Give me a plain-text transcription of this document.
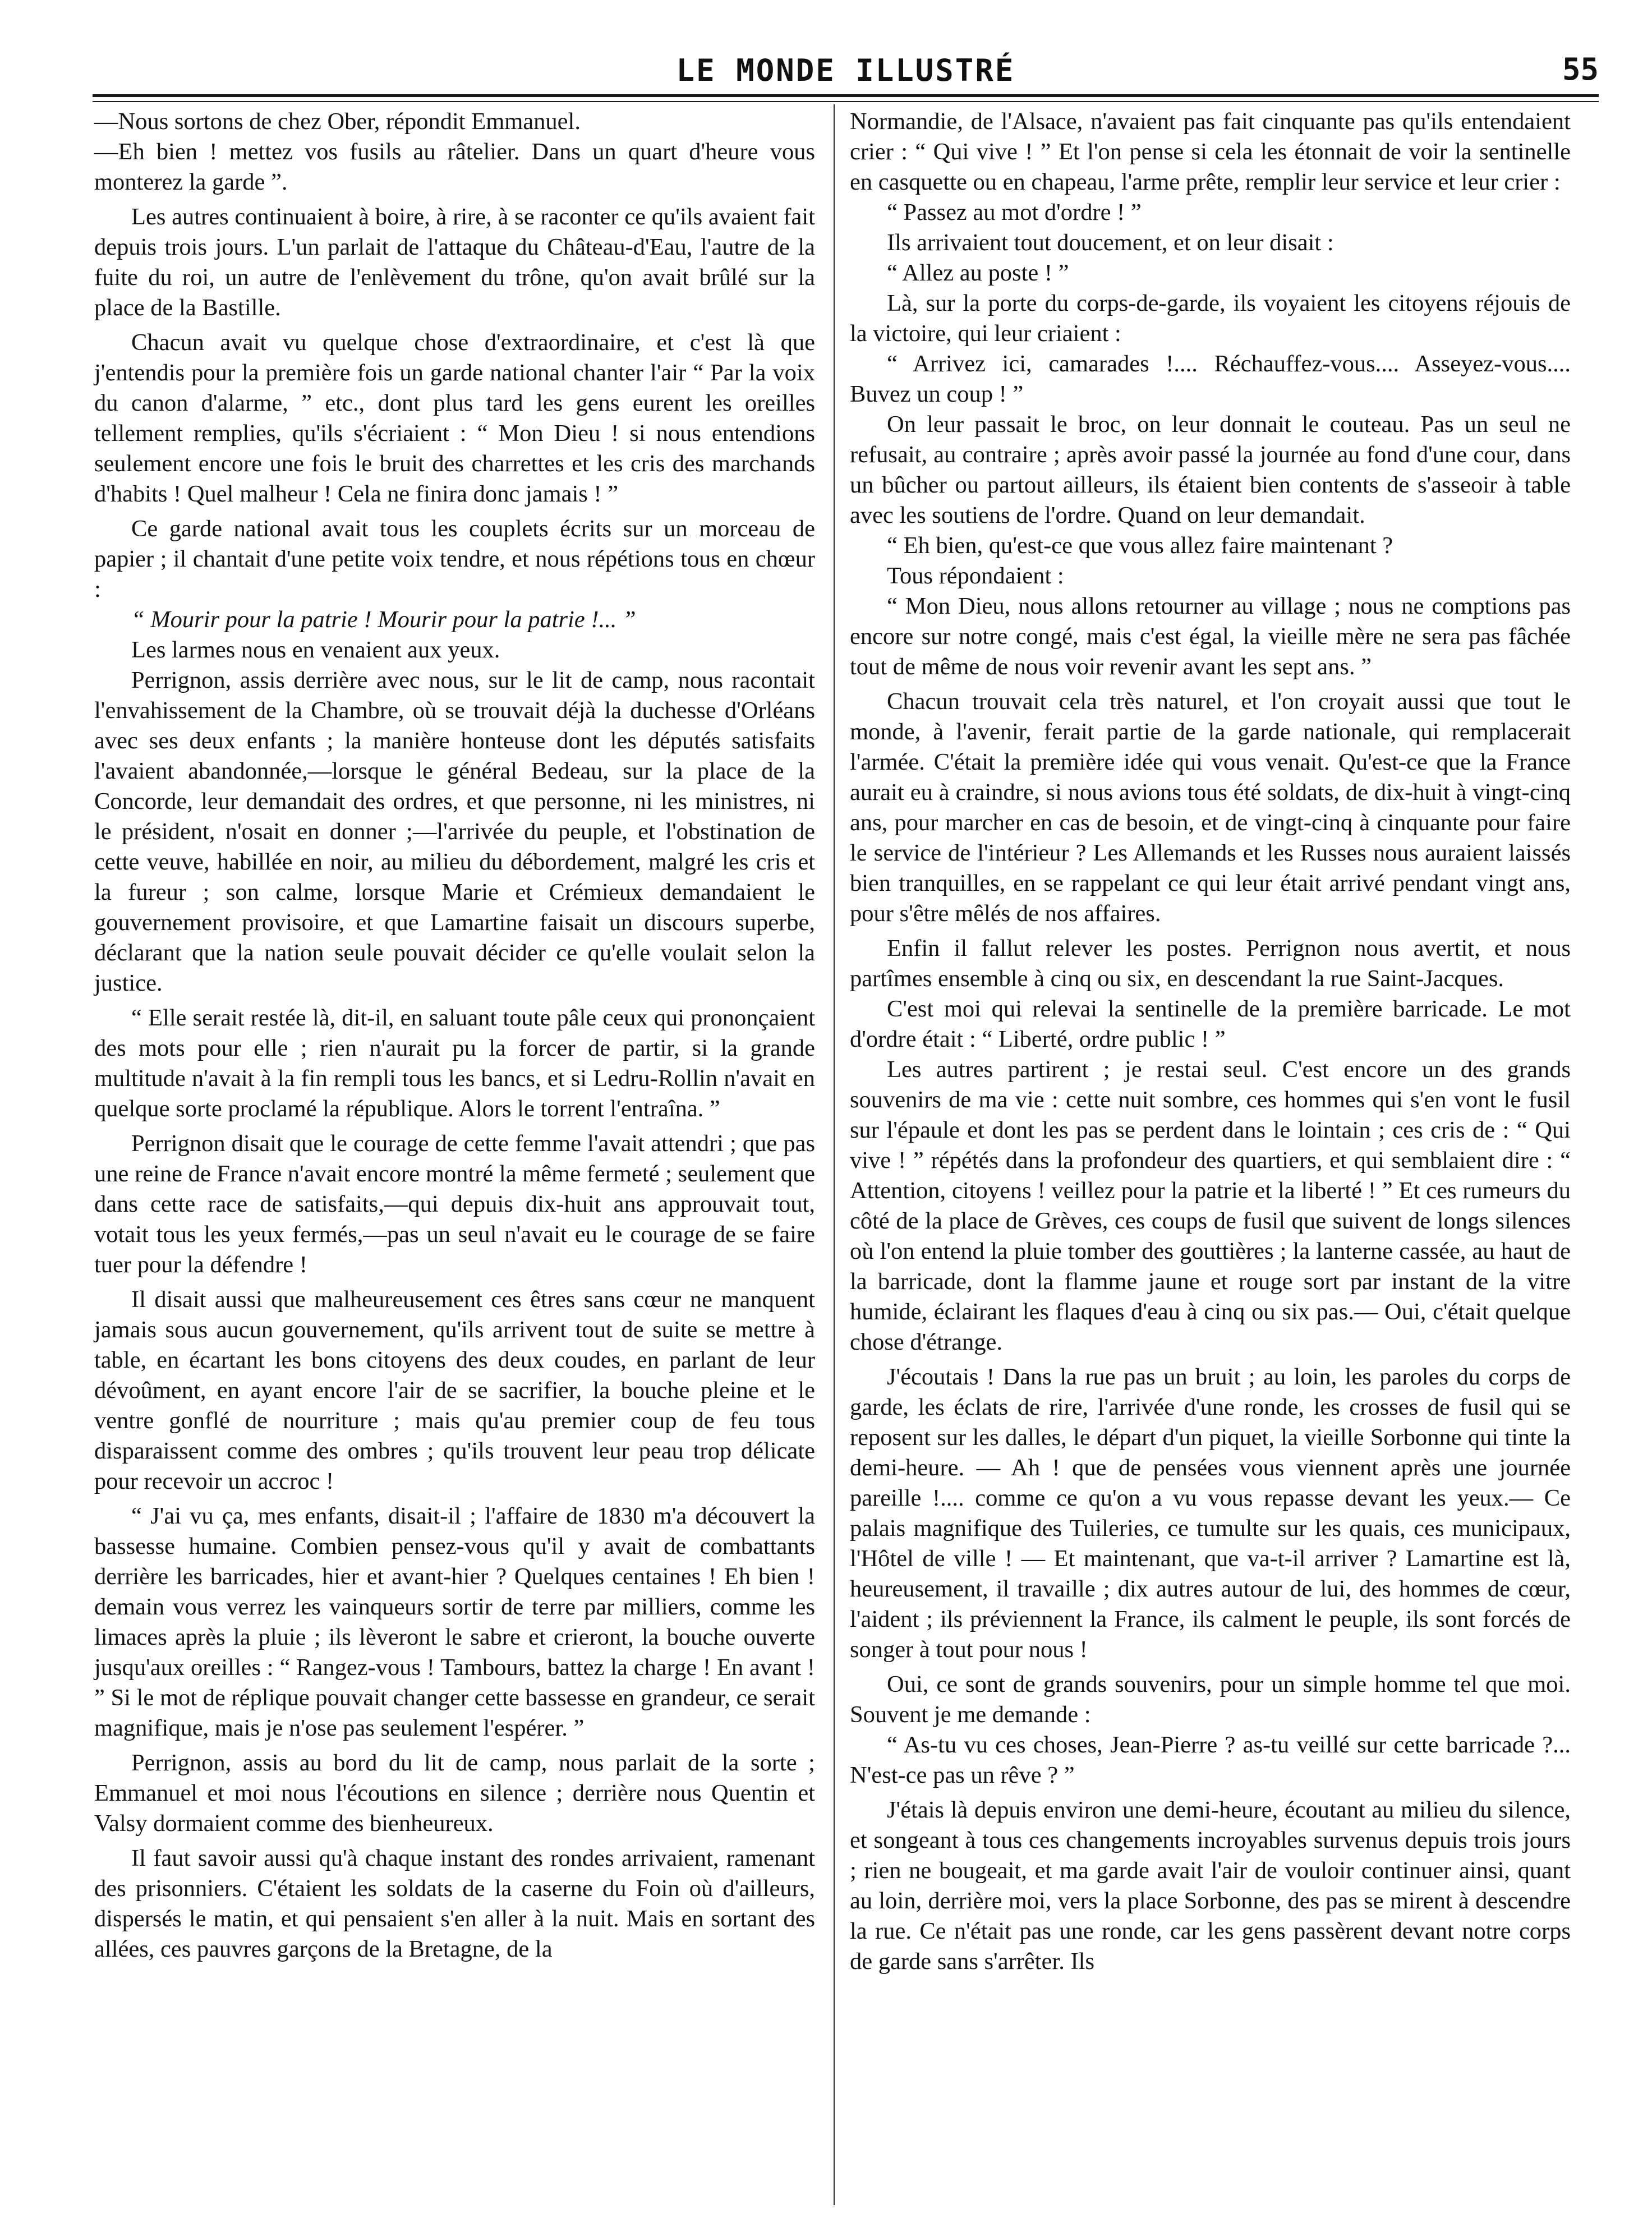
LE MONDE ILLUSTRÉ	55

—Nous sortons de chez Ober, répondit Emmanuel.

—Eh bien ! mettez vos fusils au râtelier. Dans un quart d'heure vous monterez la garde ”.

Les autres continuaient à boire, à rire, à se raconter ce qu'ils avaient fait depuis trois jours. L'un parlait de l'attaque du Château-d'Eau, l'autre de la fuite du roi, un autre de l'enlèvement du trône, qu'on avait brûlé sur la place de la Bastille.

Chacun avait vu quelque chose d'extraordinaire, et c'est là que j'entendis pour la première fois un garde national chanter l'air “ Par la voix du canon d'alarme, ” etc., dont plus tard les gens eurent les oreilles tellement remplies, qu'ils s'écriaient : “ Mon Dieu ! si nous entendions seulement encore une fois le bruit des charrettes et les cris des marchands d'habits ! Quel malheur ! Cela ne finira donc jamais ! ”

Ce garde national avait tous les couplets écrits sur un morceau de papier ; il chantait d'une petite voix tendre, et nous répétions tous en chœur :

“ Mourir pour la patrie ! Mourir pour la patrie !... ”

Les larmes nous en venaient aux yeux.

Perrignon, assis derrière avec nous, sur le lit de camp, nous racontait l'envahissement de la Chambre, où se trouvait déjà la duchesse d'Orléans avec ses deux enfants ; la manière honteuse dont les députés satisfaits l'avaient abandonnée,—lorsque le général Bedeau, sur la place de la Concorde, leur demandait des ordres, et que personne, ni les ministres, ni le président, n'osait en donner ;—l'arrivée du peuple, et l'obstination de cette veuve, habillée en noir, au milieu du débordement, malgré les cris et la fureur ; son calme, lorsque Marie et Crémieux demandaient le gouvernement provisoire, et que Lamartine faisait un discours superbe, déclarant que la nation seule pouvait décider ce qu'elle voulait selon la justice.

“ Elle serait restée là, dit-il, en saluant toute pâle ceux qui prononçaient des mots pour elle ; rien n'aurait pu la forcer de partir, si la grande multitude n'avait à la fin rempli tous les bancs, et si Ledru-Rollin n'avait en quelque sorte proclamé la république. Alors le torrent l'entraîna. ”

Perrignon disait que le courage de cette femme l'avait attendri ; que pas une reine de France n'avait encore montré la même fermeté ; seulement que dans cette race de satisfaits,—qui depuis dix-huit ans approuvait tout, votait tous les yeux fermés,—pas un seul n'avait eu le courage de se faire tuer pour la défendre !

Il disait aussi que malheureusement ces êtres sans cœur ne manquent jamais sous aucun gouvernement, qu'ils arrivent tout de suite se mettre à table, en écartant les bons citoyens des deux coudes, en parlant de leur dévoûment, en ayant encore l'air de se sacrifier, la bouche pleine et le ventre gonflé de nourriture ; mais qu'au premier coup de feu tous disparaissent comme des ombres ; qu'ils trouvent leur peau trop délicate pour recevoir un accroc !

“ J'ai vu ça, mes enfants, disait-il ; l'affaire de 1830 m'a découvert la bassesse humaine. Combien pensez-vous qu'il y avait de combattants derrière les barricades, hier et avant-hier ? Quelques centaines ! Eh bien ! demain vous verrez les vainqueurs sortir de terre par milliers, comme les limaces après la pluie ; ils lèveront le sabre et crieront, la bouche ouverte jusqu'aux oreilles : “ Rangez-vous ! Tambours, battez la charge ! En avant ! ” Si le mot de réplique pouvait changer cette bassesse en grandeur, ce serait magnifique, mais je n'ose pas seulement l'espérer. ”

Perrignon, assis au bord du lit de camp, nous parlait de la sorte ; Emmanuel et moi nous l'écoutions en silence ; derrière nous Quentin et Valsy dormaient comme des bienheureux.

Il faut savoir aussi qu'à chaque instant des rondes arrivaient, ramenant des prisonniers. C'étaient les soldats de la caserne du Foin où d'ailleurs, dispersés le matin, et qui pensaient s'en aller à la nuit. Mais en sortant des allées, ces pauvres garçons de la Bretagne, de la

Normandie, de l'Alsace, n'avaient pas fait cinquante pas qu'ils entendaient crier : “ Qui vive ! ” Et l'on pense si cela les étonnait de voir la sentinelle en casquette ou en chapeau, l'arme prête, remplir leur service et leur crier :

“ Passez au mot d'ordre ! ”

Ils arrivaient tout doucement, et on leur disait :

“ Allez au poste ! ”

Là, sur la porte du corps-de-garde, ils voyaient les citoyens réjouis de la victoire, qui leur criaient :

“ Arrivez ici, camarades !.... Réchauffez-vous.... Asseyez-vous.... Buvez un coup ! ”

On leur passait le broc, on leur donnait le couteau. Pas un seul ne refusait, au contraire ; après avoir passé la journée au fond d'une cour, dans un bûcher ou partout ailleurs, ils étaient bien contents de s'asseoir à table avec les soutiens de l'ordre. Quand on leur demandait.

“ Eh bien, qu'est-ce que vous allez faire maintenant ?

Tous répondaient :

“ Mon Dieu, nous allons retourner au village ; nous ne comptions pas encore sur notre congé, mais c'est égal, la vieille mère ne sera pas fâchée tout de même de nous voir revenir avant les sept ans. ”

Chacun trouvait cela très naturel, et l'on croyait aussi que tout le monde, à l'avenir, ferait partie de la garde nationale, qui remplacerait l'armée. C'était la première idée qui vous venait. Qu'est-ce que la France aurait eu à craindre, si nous avions tous été soldats, de dix-huit à vingt-cinq ans, pour marcher en cas de besoin, et de vingt-cinq à cinquante pour faire le service de l'intérieur ? Les Allemands et les Russes nous auraient laissés bien tranquilles, en se rappelant ce qui leur était arrivé pendant vingt ans, pour s'être mêlés de nos affaires.

Enfin il fallut relever les postes. Perrignon nous avertit, et nous partîmes ensemble à cinq ou six, en descendant la rue Saint-Jacques.

C'est moi qui relevai la sentinelle de la première barricade. Le mot d'ordre était : “ Liberté, ordre public ! ”

Les autres partirent ; je restai seul. C'est encore un des grands souvenirs de ma vie : cette nuit sombre, ces hommes qui s'en vont le fusil sur l'épaule et dont les pas se perdent dans le lointain ; ces cris de : “ Qui vive ! ” répétés dans la profondeur des quartiers, et qui semblaient dire : “ Attention, citoyens ! veillez pour la patrie et la liberté ! ” Et ces rumeurs du côté de la place de Grèves, ces coups de fusil que suivent de longs silences où l'on entend la pluie tomber des gouttières ; la lanterne cassée, au haut de la barricade, dont la flamme jaune et rouge sort par instant de la vitre humide, éclairant les flaques d'eau à cinq ou six pas.— Oui, c'était quelque chose d'étrange.

J'écoutais ! Dans la rue pas un bruit ; au loin, les paroles du corps de garde, les éclats de rire, l'arrivée d'une ronde, les crosses de fusil qui se reposent sur les dalles, le départ d'un piquet, la vieille Sorbonne qui tinte la demi-heure. — Ah ! que de pensées vous viennent après une journée pareille !.... comme ce qu'on a vu vous repasse devant les yeux.— Ce palais magnifique des Tuileries, ce tumulte sur les quais, ces municipaux, l'Hôtel de ville ! — Et maintenant, que va-t-il arriver ? Lamartine est là, heureusement, il travaille ; dix autres autour de lui, des hommes de cœur, l'aident ; ils préviennent la France, ils calment le peuple, ils sont forcés de songer à tout pour nous !

Oui, ce sont de grands souvenirs, pour un simple homme tel que moi. Souvent je me demande :

“ As-tu vu ces choses, Jean-Pierre ? as-tu veillé sur cette barricade ?... N'est-ce pas un rêve ? ”

J'étais là depuis environ une demi-heure, écoutant au milieu du silence, et songeant à tous ces changements incroyables survenus depuis trois jours ; rien ne bougeait, et ma garde avait l'air de vouloir continuer ainsi, quant au loin, derrière moi, vers la place Sorbonne, des pas se mirent à descendre la rue. Ce n'était pas une ronde, car les gens passèrent devant notre corps de garde sans s'arrêter. Ils
